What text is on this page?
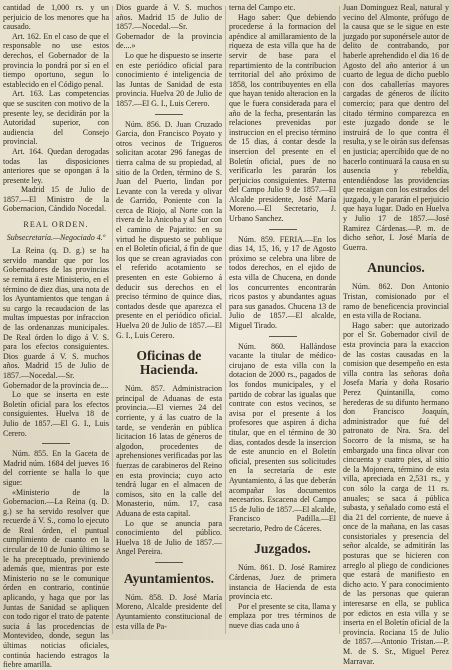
cantidad de 1,000 rs. y un perjuicio de los menores que ha causado.

Art. 162. En el caso de que el responsable no use estos derechos, el Gobernador de la provincia lo pondrá por sí en el tiempo oportuno, segun lo establecido en el Código penal.

Art. 163. Las competencias que se susciten con motivo de la presente ley, se decidirán por la Autoridad superior, con audiencia del Consejo provincial.

Art. 164. Quedan derogadas todas las disposiciones anteriores que se opongan á la presente ley.

Madrid 15 de Julio de 1857.—El Ministro de la Gobernacion, Cándido Nocedal.

REAL ORDEN.

Subsecretaría.—Negociado 4.º

La Reina (q. D. g.) se ha servido mandar que por los Gobernadores de las provincias se remita á este Ministerio, en el término de diez dias, una nota de los Ayuntamientos que tengan á su cargo la recaudacion de las multas impuestas por infraccion de las ordenanzas municipales. De Real órden lo digo á V. S. para los efectos consiguientes. Dios guarde á V. S. muchos años. Madrid 15 de Julio de 1857.—Nocedal.—Sr. Gobernador de la provincia de....

Lo que se inserta en este Boletín oficial para los efectos consiguientes. Huelva 18 de Julio de 1857.—El G. I., Luis Cerero.

Núm. 855. En la Gaceta de Madrid núm. 1684 del jueves 16 del corriente se halla lo que sigue:

«Ministerio de la Gobernacion.—La Reina (q. D. g.) se ha servido resolver que recuerde á V. S., como lo ejecuto de Real órden, el puntual cumplimiento de cuanto en la circular de 10 de Junio último se le ha preceptuado, previniendo además que, mientras por este Ministerio no se le comunique órden en contrario, continúe aplicando, y haga que por las Juntas de Sanidad se apliquen con todo rigor el trato de patente sucia á las procedencias de Montevideo, donde, segun las últimas noticias oficiales, continúa haciendo estragos la fiebre amarilla.

Dios guarde á V. S. muchos años. Madrid 15 de Julio de 1857.—Nocedal.—Sr. Gobernador de la provincia de....»

Lo que he dispuesto se inserte en este periódico oficial para conocimiento é inteligencia de las Juntas de Sanidad de esta provincia. Huelva 20 de Julio de 1857.—El G. I., Luis Cerero.

Núm. 856. D. Juan Cruzado Garcia, don Francisco Poyato y otros vecinos de Trigueros solicitan acotar 296 fanegas de tierra calma de su propiedad, al sitio de la Orden, término de S. Juan del Puerto, lindan por Levante con la vereda y olivar de Garrido, Poniente con la cerca de Riojo, al Norte con la rivera de la Anicoba y al Sur con el camino de Pajarito: en su virtud he dispuesto se publique en el Boletín oficial, á fin de que los que se crean agraviados con el referido acotamiento se presenten en este Gobierno á deducir sus derechos en el preciso término de quince dias, contados desde que aparezca el presente en el periódico oficial. Huelva 20 de Julio de 1857.—El G. I., Luis Cerero.

Oficinas de Hacienda.

Núm. 857. Administracion principal de Aduanas de esta provincia.—El viernes 24 del corriente, y á las cuatro de la tarde, se venderán en pública licitacion 16 latas de géneros de algodon, procedentes de aprehensiones verificadas por las fuerzas de carabineros del Reino en esta provincia; cuyo acto tendrá lugar en el almacen de comisos, sito en la calle del Monasterio, núm. 17, casa Aduana de esta capital.

Lo que se anuncia para conocimiento del público. Huelva 18 de Julio de 1857.—Angel Pereira.

Ayuntamientos.

Núm. 858. D. José María Moreno, Alcalde presidente del Ayuntamiento constitucional de esta villa de Pa-

terna del Campo etc.

Hago saber: Que debiendo procederse á la formacion del apéndice al amillaramiento de la riqueza de esta villa que ha de servir de base para el repartimiento de la contribucion territorial del año próximo de 1858, los contribuyentes en ella que hayan tenido alteracion en la que le fuera considerada para el año de la fecha, presentarán las relaciones prevenidas por instruccion en el preciso término de 15 dias, á contar desde la insercion del presente en el Boletín oficial, pues de no verificarlo les pararán los perjuicios consiguientes. Paterna del Campo Julio 9 de 1857.—El Alcalde presidente, José María Moreno.—El Secretario, J. Urbano Sanchez.

Núm. 859. FERIA.—En los dias 14, 15, 16, y 17 de Agosto próximo se celebra una libre de todos derechos, en el ejido de esta villa de Chucena, en donde los concurrentes encontrarán ricos pastos y abundantes aguas para sus ganados. Chucena 13 de Julio de 1857.—El alcalde, Miguel Tirado.

Núm. 860. Hallándose vacante la titular de médico-cirujano de esta villa con la dotacion de 2000 rs., pagados de los fondos municipales, y el partido de cobrar las igualas que contrate con estos vecinos, se avisa por el presente á los profesores que aspiren á dicha titular, que en el término de 30 dias, contados desde la insercion de este anuncio en el Boletín oficial, presenten sus solicitudes en la secretaría de este Ayuntamiento, á las que deberán acompañar los documentos necesarios. Escacena del Campo 15 de Julio de 1857.—El alcalde, Francisco Padilla.—El secretario, Pedro de Cáceres.

Juzgados.

Núm. 861. D. José Ramirez Cárdenas, Juez de primera instancia de Hacienda de esta provincia etc.

Por el presente se cita, llama y emplaza por tres términos de nueve dias cada uno á

Juan Dominguez Real, natural y vecino del Almonte, prófugo de la causa que se le sigue en este juzgado por suponérsele autor de delito de contrabando, por haberle aprehendido el dia 16 de Agosto del año anterior á un cuarto de legua de dicho pueblo con dos caballerías mayores cargadas de géneros de ilícito comercio; para que dentro del citado término comparezca en este juzgado donde se le instruirá de lo que contra él resulta, y se le oirán sus defensas en justicia; apercibido que de no hacerlo continuará la causa en su ausencia y rebeldía, entendiéndose las providencias que recaigan con los estrados del juzgado, y le pararán el perjuicio que haya lugar. Dado en Huelva y Julio 17 de 1857.—José Ramirez Cárdenas.—P. m. de dicho señor, I. José María de Guerra.

Anuncios.

Núm. 862. Don Antonio Tristan, comisionado por el ramo de beneficencia provincial en esta villa de Rociana.

Hago saber: que autorizado por el Sr. Gobernador civil de esta provincia para la exaccion de las costas causadas en la comision que desempeño en esta villa contra las señoras doña Josefa María y doña Rosario Perez Quintanilla, como herederas de su difunto hermano don Francisco Joaquín, administrador que fué del patronato de Nra. Sra. del Socorro de la misma, se ha embargado una finca olivar con cincuenta y cuatro pies, al sitio de la Mojonera, término de esta villa, apreciada en 2,531 rs., y con sólo la carga de 11 rs. anuales; se saca á pública subasta, y señalado como está el dia 21 del corriente, de nueve á once de la mañana, en las casas consistoriales y presencia del señor alcalde, se admitirán las posturas que se hicieren con arreglo al pliego de condiciones que estará de manifiesto en dicho acto. Y para conocimiento de las personas que quieran interesarse en ella, se publica por edictos en esta villa y se inserta en el Boletín oficial de la provincia. Rociana 15 de Julio de 1857.—Antonio Tristan.—P. M. de S. Sr., Miguel Perez Marravar.
